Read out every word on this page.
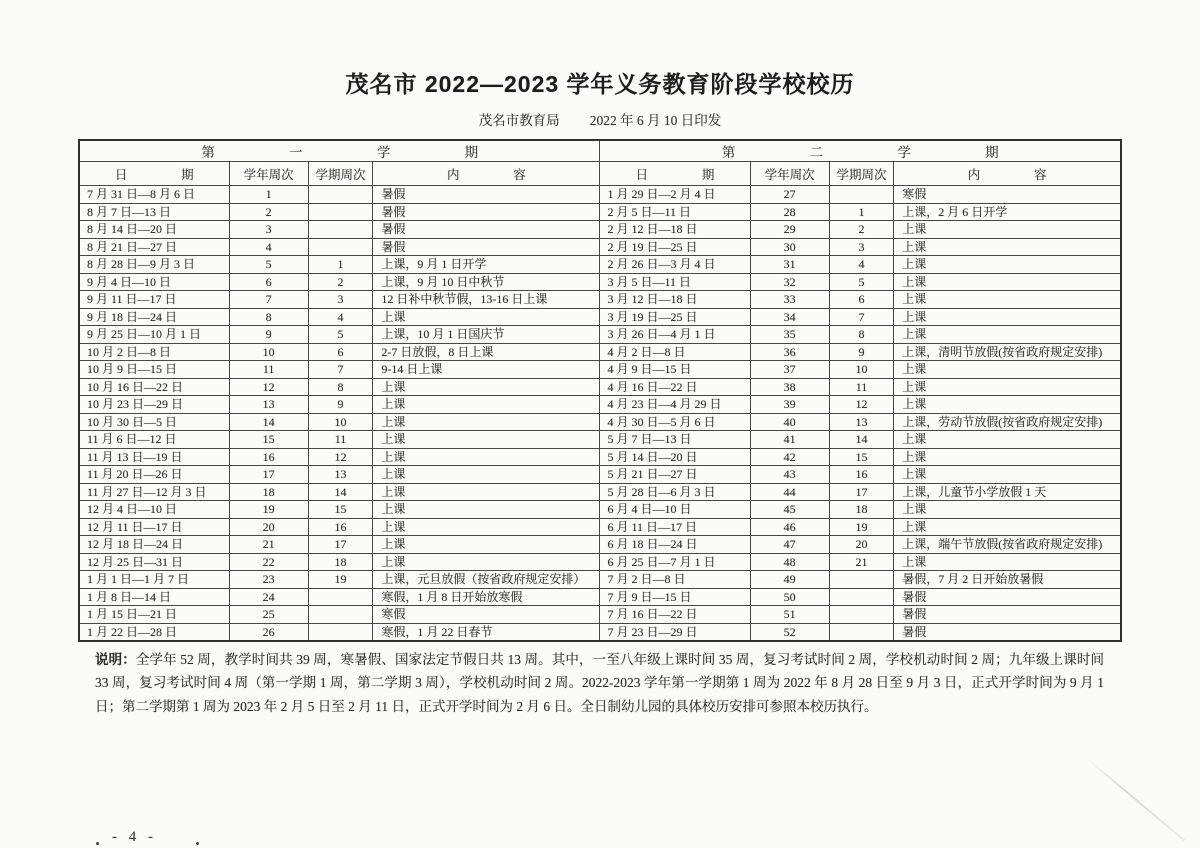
茂名市 2022—2023 学年义务教育阶段学校校历
茂名市教育局 2022 年 6 月 10 日印发
第一学期				第二学期			
日期	学年周次	学期周次	内容	日期	学年周次	学期周次	内容
7 月 31 日—8 月 6 日	1		暑假	1 月 29 日—2 月 4 日	27		寒假
8 月 7 日—13 日	2		暑假	2 月 5 日—11 日	28	1	上课，2 月 6 日开学
8 月 14 日—20 日	3		暑假	2 月 12 日—18 日	29	2	上课
8 月 21 日—27 日	4		暑假	2 月 19 日—25 日	30	3	上课
8 月 28 日—9 月 3 日	5	1	上课，9 月 1 日开学	2 月 26 日—3 月 4 日	31	4	上课
9 月 4 日—10 日	6	2	上课，9 月 10 日中秋节	3 月 5 日—11 日	32	5	上课
9 月 11 日—17 日	7	3	12 日补中秋节假，13-16 日上课	3 月 12 日—18 日	33	6	上课
9 月 18 日—24 日	8	4	上课	3 月 19 日—25 日	34	7	上课
9 月 25 日—10 月 1 日	9	5	上课，10 月 1 日国庆节	3 月 26 日—4 月 1 日	35	8	上课
10 月 2 日—8 日	10	6	2-7 日放假，8 日上课	4 月 2 日—8 日	36	9	上课，清明节放假(按省政府规定安排)
10 月 9 日—15 日	11	7	9-14 日上课	4 月 9 日—15 日	37	10	上课
10 月 16 日—22 日	12	8	上课	4 月 16 日—22 日	38	11	上课
10 月 23 日—29 日	13	9	上课	4 月 23 日—4 月 29 日	39	12	上课
10 月 30 日—5 日	14	10	上课	4 月 30 日—5 月 6 日	40	13	上课，劳动节放假(按省政府规定安排)
11 月 6 日—12 日	15	11	上课	5 月 7 日—13 日	41	14	上课
11 月 13 日—19 日	16	12	上课	5 月 14 日—20 日	42	15	上课
11 月 20 日—26 日	17	13	上课	5 月 21 日—27 日	43	16	上课
11 月 27 日—12 月 3 日	18	14	上课	5 月 28 日—6 月 3 日	44	17	上课，儿童节小学放假 1 天
12 月 4 日—10 日	19	15	上课	6 月 4 日—10 日	45	18	上课
12 月 11 日—17 日	20	16	上课	6 月 11 日—17 日	46	19	上课
12 月 18 日—24 日	21	17	上课	6 月 18 日—24 日	47	20	上课，端午节放假(按省政府规定安排)
12 月 25 日—31 日	22	18	上课	6 月 25 日—7 月 1 日	48	21	上课
1 月 1 日—1 月 7 日	23	19	上课，元旦放假（按省政府规定安排）	7 月 2 日—8 日	49		暑假，7 月 2 日开始放暑假
1 月 8 日—14 日	24		寒假，1 月 8 日开始放寒假	7 月 9 日—15 日	50		暑假
1 月 15 日—21 日	25		寒假	7 月 16 日—22 日	51		暑假
1 月 22 日—28 日	26		寒假，1 月 22 日春节	7 月 23 日—29 日	52		暑假
说明：全学年 52 周，教学时间共 39 周，寒暑假、国家法定节假日共 13 周。其中，一至八年级上课时间 35 周，复习考试时间 2 周，学校机动时间 2 周；九年级上课时间 33 周，复习考试时间 4 周（第一学期 1 周，第二学期 3 周），学校机动时间 2 周。2022-2023 学年第一学期第 1 周为 2022 年 8 月 28 日至 9 月 3 日，正式开学时间为 9 月 1 日；第二学期第 1 周为 2023 年 2 月 5 日至 2 月 11 日，正式开学时间为 2 月 6 日。全日制幼儿园的具体校历安排可参照本校历执行。
- 4 -
